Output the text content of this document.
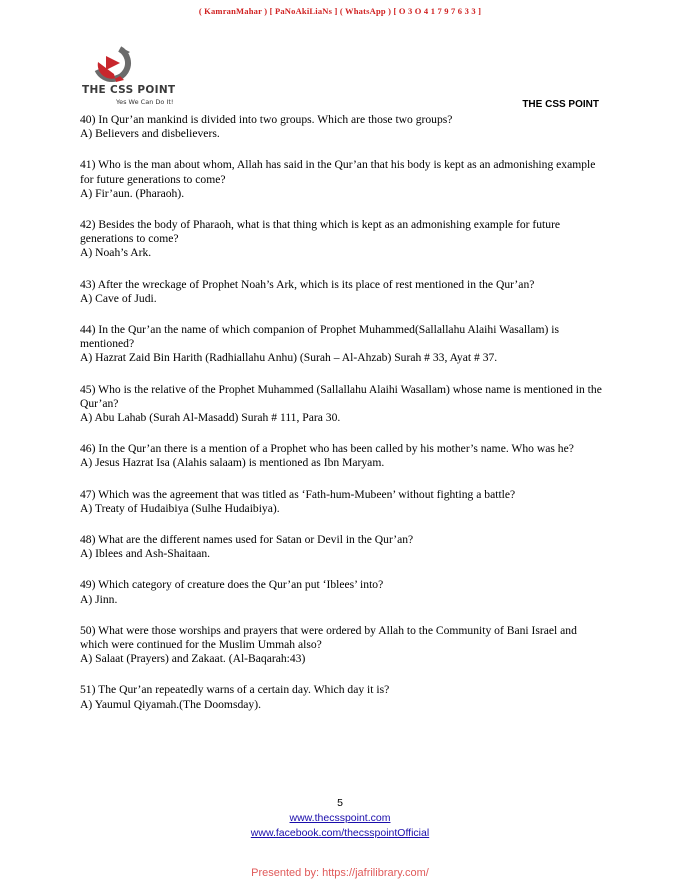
( KamranMahar ) [ PaNoAkiLiaNs ] ( WhatsApp ) [ O 3 O 4 1 7 9 7 6 3 3 ]
THE CSS POINT
Yes We Can Do It!	THE CSS POINT

40) In Qur’an mankind is divided into two groups. Which are those two groups?

A) Believers and disbelievers.

41) Who is the man about whom, Allah has said in the Qur’an that his body is kept as an admonishing example for future generations to come?

A) Fir’aun. (Pharaoh).

42) Besides the body of Pharaoh, what is that thing which is kept as an admonishing example for future generations to come?

A) Noah’s Ark.

43) After the wreckage of Prophet Noah’s Ark, which is its place of rest mentioned in the Qur’an?

A) Cave of Judi.

44) In the Qur’an the name of which companion of Prophet Muhammed(Sallallahu Alaihi Wasallam) is mentioned?

A) Hazrat Zaid Bin Harith (Radhiallahu Anhu) (Surah – Al-Ahzab) Surah # 33, Ayat # 37.

45) Who is the relative of the Prophet Muhammed (Sallallahu Alaihi Wasallam) whose name is mentioned in the Qur’an?

A) Abu Lahab (Surah Al-Masadd) Surah # 111, Para 30.

46) In the Qur’an there is a mention of a Prophet who has been called by his mother’s name. Who was he?

A) Jesus Hazrat Isa (Alahis salaam) is mentioned as Ibn Maryam.

47) Which was the agreement that was titled as ‘Fath-hum-Mubeen’ without fighting a battle?

A) Treaty of Hudaibiya (Sulhe Hudaibiya).

48) What are the different names used for Satan or Devil in the Qur’an?

A) Iblees and Ash-Shaitaan.

49) Which category of creature does the Qur’an put ‘Iblees’ into?

A) Jinn.

50) What were those worships and prayers that were ordered by Allah to the Community of Bani Israel and which were continued for the Muslim Ummah also?

A) Salaat (Prayers) and Zakaat. (Al-Baqarah:43)

51) The Qur’an repeatedly warns of a certain day. Which day it is?

A) Yaumul Qiyamah.(The Doomsday).

5
www.thecsspoint.com
www.facebook.com/thecsspointOfficial
Presented by: https://jafrilibrary.com/
